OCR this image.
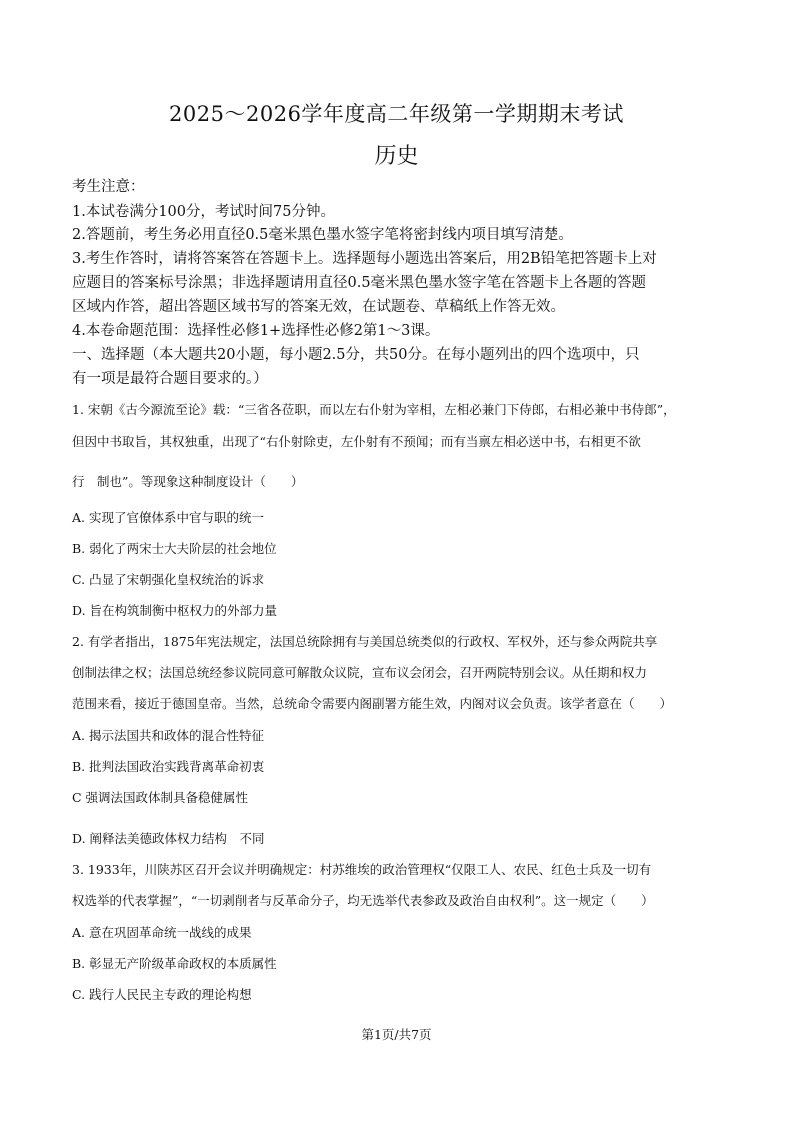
2025～2026学年度高二年级第一学期期末考试
历史
考生注意：
1.本试卷满分100分，考试时间75分钟。
2.答题前，考生务必用直径0.5毫米黑色墨水签字笔将密封线内项目填写清楚。
3.考生作答时，请将答案答在答题卡上。选择题每小题选出答案后，用2B铅笔把答题卡上对
应题目的答案标号涂黑；非选择题请用直径0.5毫米黑色墨水签字笔在答题卡上各题的答题
区域内作答，超出答题区域书写的答案无效，在试题卷、草稿纸上作答无效。
4.本卷命题范围：选择性必修1+选择性必修2第1～3课。
一、选择题（本大题共20小题，每小题2.5分，共50分。在每小题列出的四个选项中，只
有一项是最符合题目要求的。）
1. 宋朝《古今源流至论》载：“三省各莅职，而以左右仆射为宰相，左相必兼门下侍郎，右相必兼中书侍郎”，
但因中书取旨，其权独重，出现了“右仆射除吏，左仆射有不预闻；而有当禀左相必送中书，右相更不欲
行　制也”。等现象这种制度设计（　　）
A. 实现了官僚体系中官与职的统一
B. 弱化了两宋士大夫阶层的社会地位
C. 凸显了宋朝强化皇权统治的诉求
D. 旨在构筑制衡中枢权力的外部力量
2. 有学者指出，1875年宪法规定，法国总统除拥有与美国总统类似的行政权、军权外，还与参众两院共享
创制法律之权；法国总统经参议院同意可解散众议院，宣布议会闭会，召开两院特别会议。从任期和权力
范围来看，接近于德国皇帝。当然，总统命令需要内阁副署方能生效，内阁对议会负责。该学者意在（　　）
A. 揭示法国共和政体的混合性特征
B. 批判法国政治实践背离革命初衷
C 强调法国政体制具备稳健属性
D. 阐释法美德政体权力结构　不同
3. 1933年，川陕苏区召开会议并明确规定：村苏维埃的政治管理权“仅限工人、农民、红色士兵及一切有
权选举的代表掌握”，“一切剥削者与反革命分子，均无选举代表参政及政治自由权利”。这一规定（　　）
A. 意在巩固革命统一战线的成果
B. 彰显无产阶级革命政权的本质属性
C. 践行人民民主专政的理论构想
第1页/共7页
